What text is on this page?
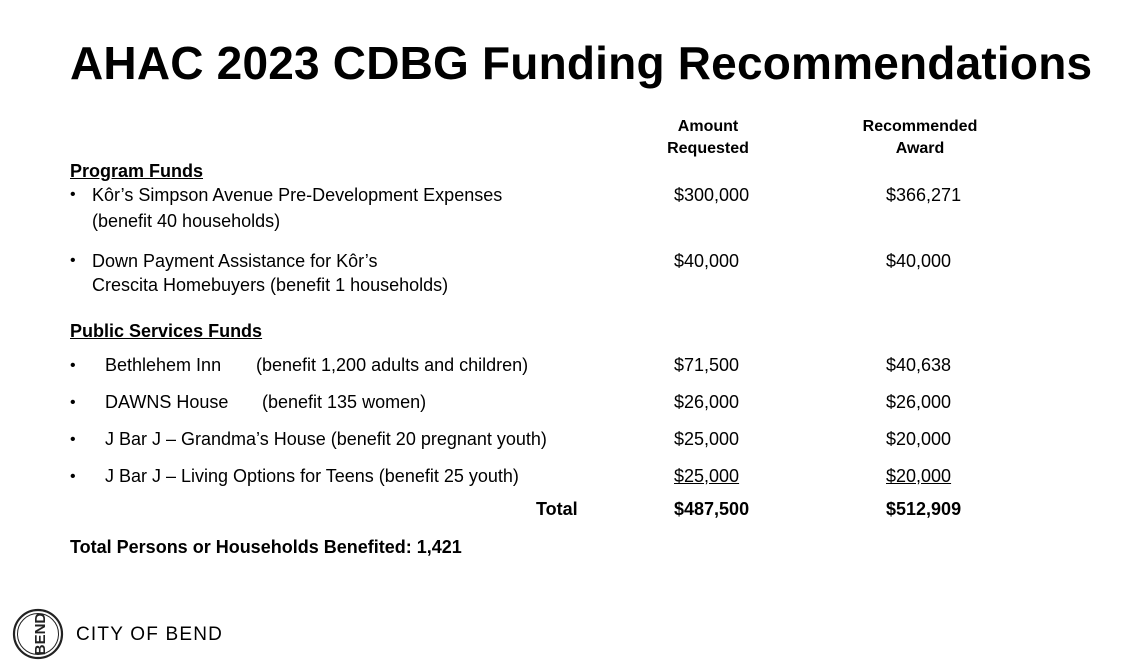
AHAC 2023 CDBG Funding Recommendations
Amount
Requested
Recommended
Award
Program Funds
• Kôr’s Simpson Avenue Pre-Development Expenses
(benefit 40 households)
$300,000	$366,271
• Down Payment Assistance for Kôr’s
Crescita Homebuyers (benefit 1 households)
$40,000	$40,000
Public Services Funds
• Bethlehem Inn (benefit 1,200 adults and children)	$71,500	$40,638
• DAWNS House (benefit 135 women)	$26,000	$26,000
• J Bar J – Grandma’s House (benefit 20 pregnant youth)	$25,000	$20,000
• J Bar J – Living Options for Teens (benefit 25 youth)	$25,000	$20,000
Total	$487,500	$512,909
Total Persons or Households Benefited: 1,421
BEND CITY OF BEND
